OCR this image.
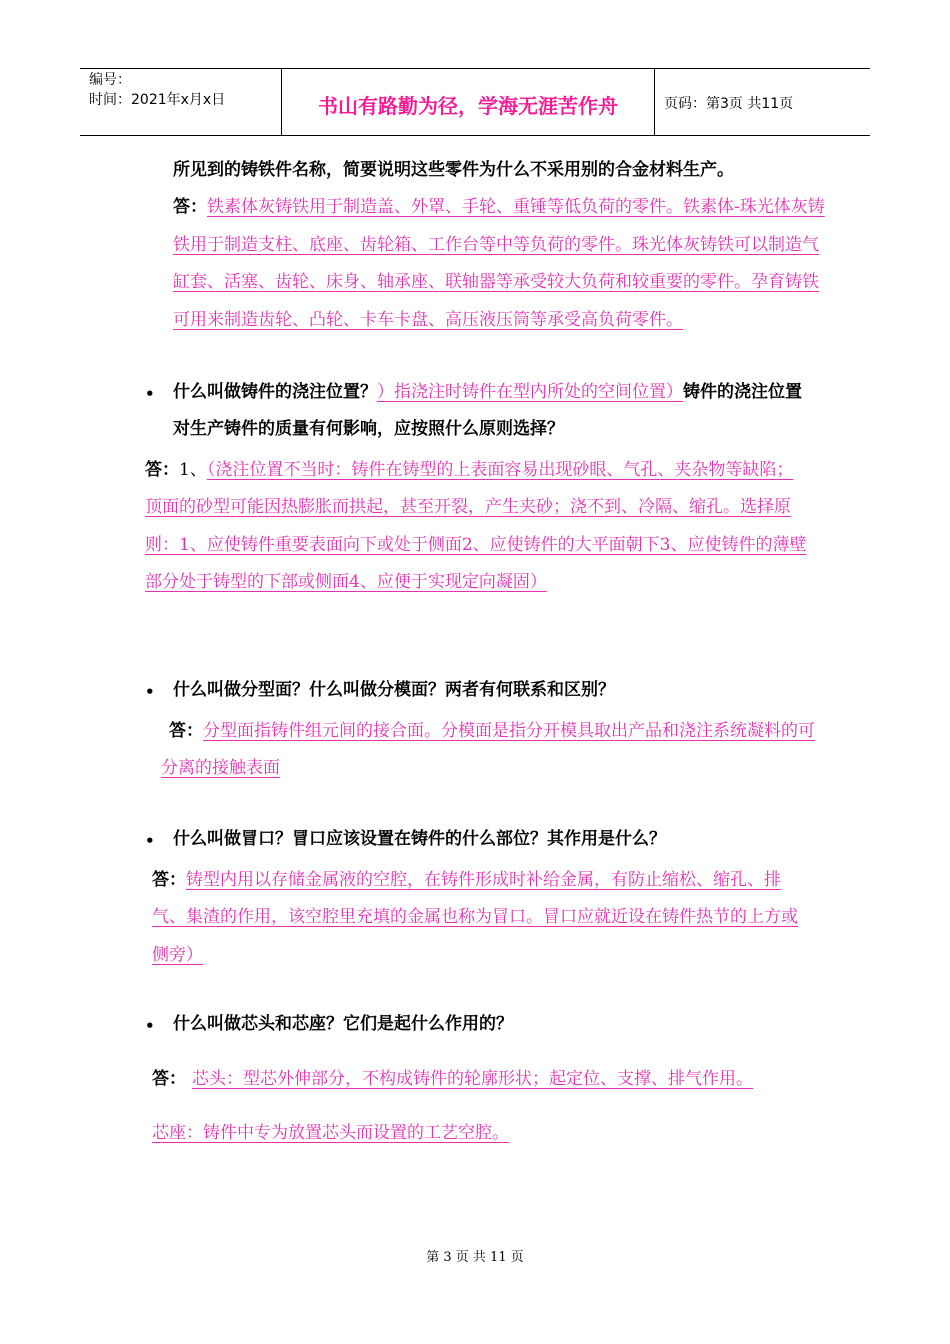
编号：
时间：2021年x月x日	书山有路勤为径，学海无涯苦作舟	页码：第3页 共11页
所见到的铸铁件名称，简要说明这些零件为什么不采用别的合金材料生产。
答：铁素体灰铸铁用于制造盖、外罩、手轮、重锤等低负荷的零件。铁素体-珠光体灰铸铁用于制造支柱、底座、齿轮箱、工作台等中等负荷的零件。珠光体灰铸铁可以制造气缸套、活塞、齿轮、床身、轴承座、联轴器等承受较大负荷和较重要的零件。孕育铸铁可用来制造齿轮、凸轮、卡车卡盘、高压液压筒等承受高负荷零件。
• 什么叫做铸件的浇注位置？）指浇注时铸件在型内所处的空间位置）铸件的浇注位置对生产铸件的质量有何影响，应按照什么原则选择？
答：1、（浇注位置不当时：铸件在铸型的上表面容易出现砂眼、气孔、夹杂物等缺陷；顶面的砂型可能因热膨胀而拱起，甚至开裂，产生夹砂；浇不到、冷隔、缩孔。选择原则：1、应使铸件重要表面向下或处于侧面2、应使铸件的大平面朝下3、应使铸件的薄壁部分处于铸型的下部或侧面4、应便于实现定向凝固）
• 什么叫做分型面？什么叫做分模面？两者有何联系和区别？
答：分型面指铸件组元间的接合面。分模面是指分开模具取出产品和浇注系统凝料的可分离的接触表面
• 什么叫做冒口？冒口应该设置在铸件的什么部位？其作用是什么？
答：铸型内用以存储金属液的空腔，在铸件形成时补给金属，有防止缩松、缩孔、排气、集渣的作用，该空腔里充填的金属也称为冒口。冒口应就近设在铸件热节的上方或侧旁）
• 什么叫做芯头和芯座？它们是起什么作用的？
答： 芯头：型芯外伸部分，不构成铸件的轮廓形状；起定位、支撑、排气作用。
芯座：铸件中专为放置芯头而设置的工艺空腔。
第 3 页 共 11 页
